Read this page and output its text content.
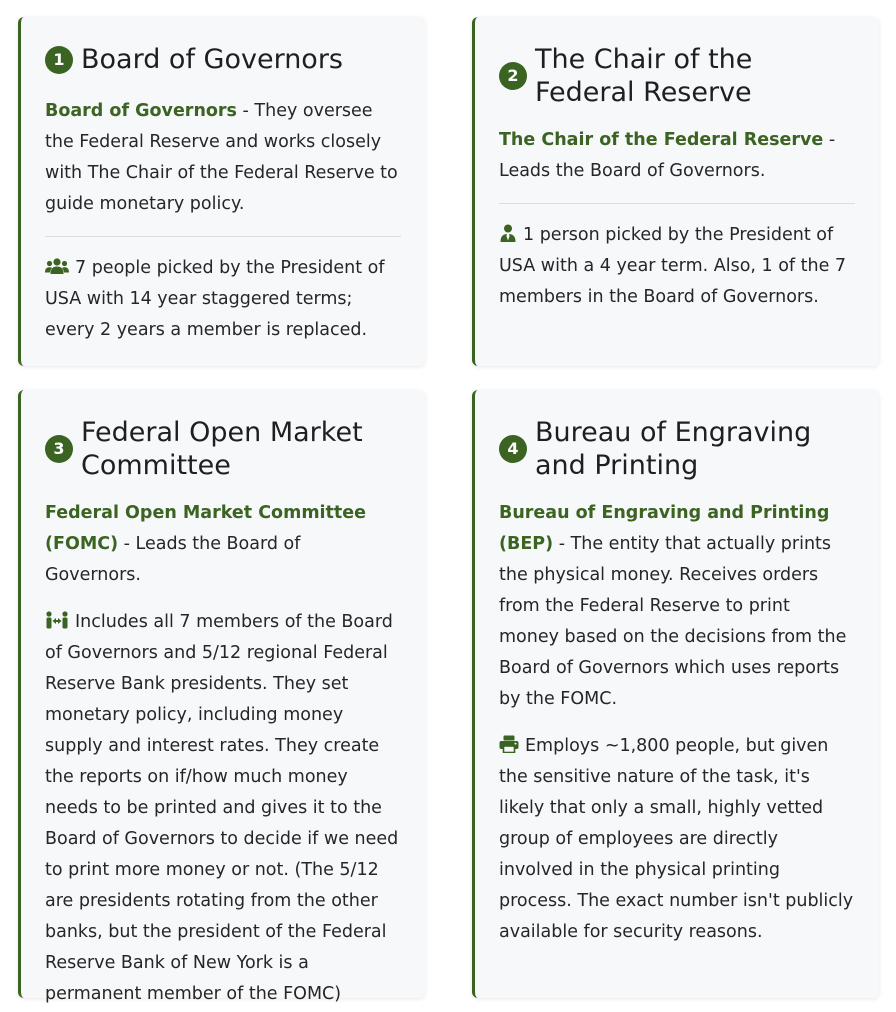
1 Board of Governors

Board of Governors - They oversee the Federal Reserve and works closely with The Chair of the Federal Reserve to guide monetary policy.

7 people picked by the President of USA with 14 year staggered terms; every 2 years a member is replaced.

2
The Chair of the Federal Reserve

The Chair of the Federal Reserve - Leads the Board of Governors.

1 person picked by the President of USA with a 4 year term. Also, 1 of the 7 members in the Board of Governors.

3
Federal Open Market Committee

Federal Open Market Committee (FOMC) - Leads the Board of Governors.

Includes all 7 members of the Board of Governors and 5/12 regional Federal Reserve Bank presidents. They set monetary policy, including money supply and interest rates. They create the reports on if/how much money needs to be printed and gives it to the Board of Governors to decide if we need to print more money or not. (The 5/12 are presidents rotating from the other banks, but the president of the Federal Reserve Bank of New York is a permanent member of the FOMC)

4
Bureau of Engraving and Printing

Bureau of Engraving and Printing (BEP) - The entity that actually prints the physical money. Receives orders from the Federal Reserve to print money based on the decisions from the Board of Governors which uses reports by the FOMC.

Employs ~1,800 people, but given the sensitive nature of the task, it's likely that only a small, highly vetted group of employees are directly involved in the physical printing process. The exact number isn't publicly available for security reasons.
